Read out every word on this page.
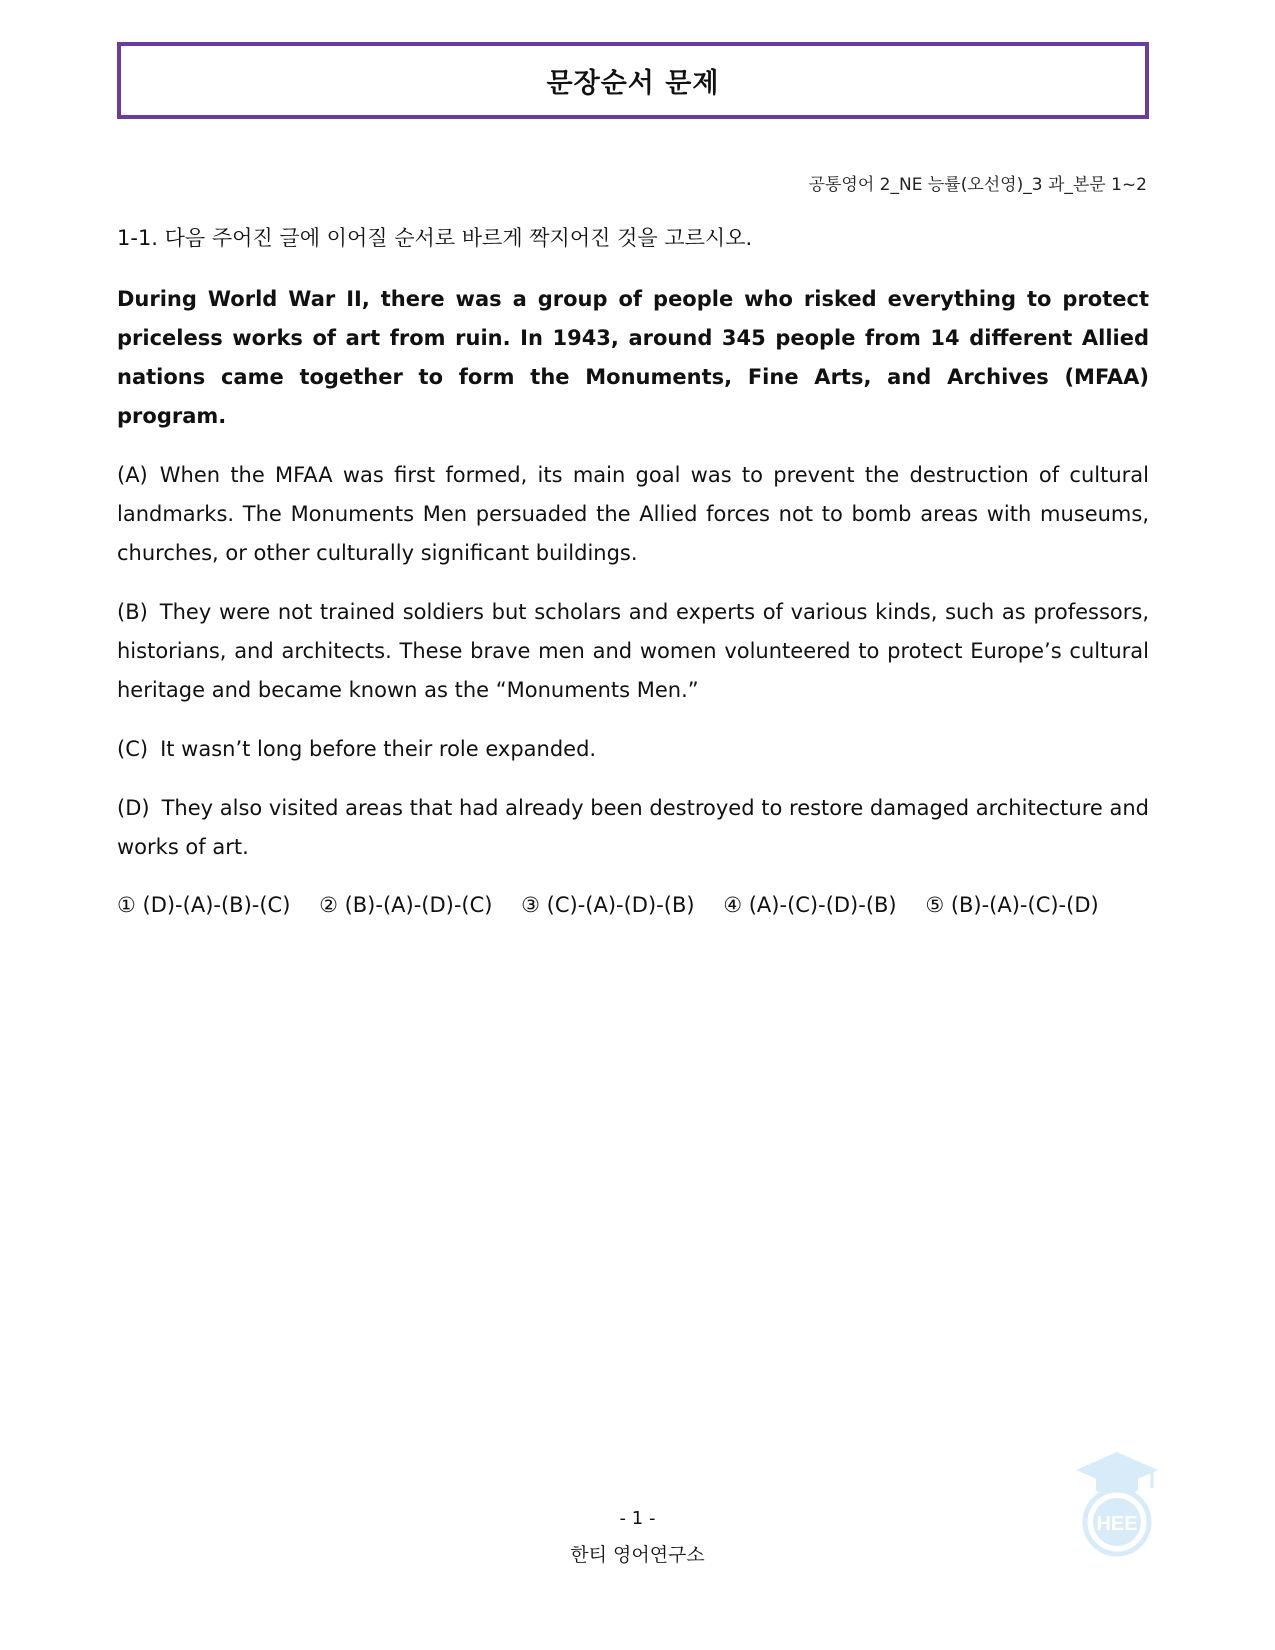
문장순서 문제
공통영어 2_NE 능률(오선영)_3 과_본문 1~2

1-1. 다음 주어진 글에 이어질 순서로 바르게 짝지어진 것을 고르시오.

During World War II, there was a group of people who risked everything to protect priceless works of art from ruin. In 1943, around 345 people from 14 different Allied nations came together to form the Monuments, Fine Arts, and Archives (MFAA) program.

(A) When the MFAA was first formed, its main goal was to prevent the destruction of cultural landmarks. The Monuments Men persuaded the Allied forces not to bomb areas with museums, churches, or other culturally significant buildings.

(B) They were not trained soldiers but scholars and experts of various kinds, such as professors, historians, and architects. These brave men and women volunteered to protect Europe’s cultural heritage and became known as the “Monuments Men.”

(C) It wasn’t long before their role expanded.

(D) They also visited areas that had already been destroyed to restore damaged architecture and works of art.

① (D)-(A)-(B)-(C) ② (B)-(A)-(D)-(C) ③ (C)-(A)-(D)-(B) ④ (A)-(C)-(D)-(B) ⑤ (B)-(A)-(C)-(D)
- 1 -
한티 영어연구소
HEE
